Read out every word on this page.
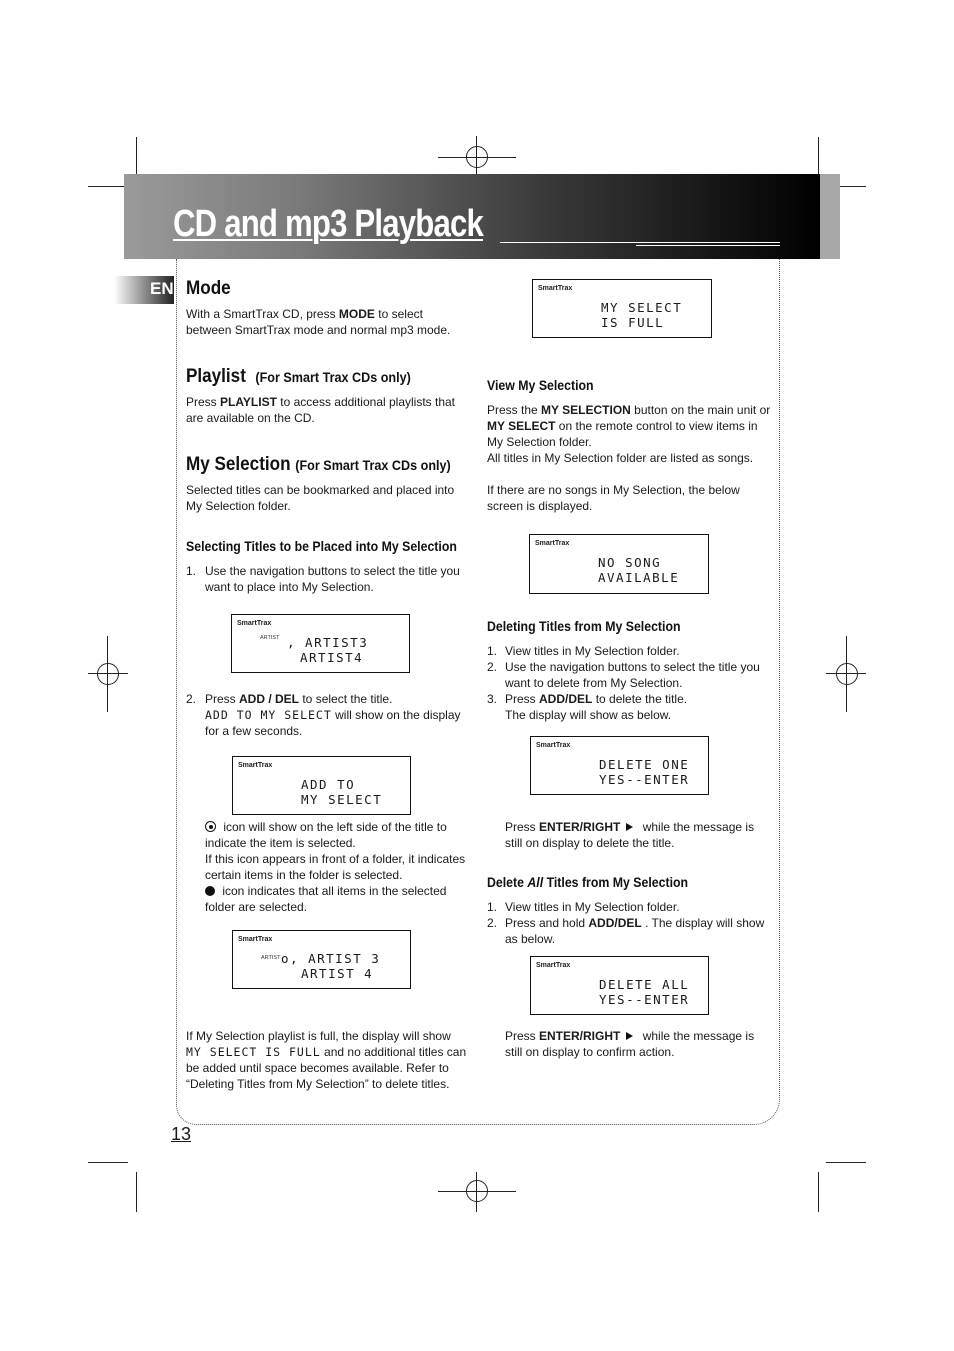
CD and mp3 Playback
EN Mode
With a SmartTrax CD, press MODE to select between SmartTrax mode and normal mp3 mode.
Playlist (For Smart Trax CDs only)
Press PLAYLIST to access additional playlists that are available on the CD.
My Selection (For Smart Trax CDs only)
Selected titles can be bookmarked and placed into My Selection folder.
Selecting Titles to be Placed into My Selection
1. Use the navigation buttons to select the title you want to place into My Selection.
SmartTrax
ARTIST , ARTIST3
ARTIST4
2. Press ADD / DEL to select the title.
ADD TO MY SELECT will show on the display for a few seconds.
SmartTrax
ADD TO
MY SELECT
icon will show on the left side of the title to indicate the item is selected.
If this icon appears in front of a folder, it indicates certain items in the folder is selected.
icon indicates that all items in the selected folder are selected.
SmartTrax
ARTIST o, ARTIST 3
ARTIST 4
If My Selection playlist is full, the display will show
MY SELECT IS FULL and no additional titles can be added until space becomes available. Refer to “Deleting Titles from My Selection” to delete titles.
13
SmartTrax
MY SELECT
IS FULL
View My Selection
Press the MY SELECTION button on the main unit or MY SELECT on the remote control to view items in My Selection folder.
All titles in My Selection folder are listed as songs.
If there are no songs in My Selection, the below screen is displayed.
SmartTrax
NO SONG
AVAILABLE
Deleting Titles from My Selection
1. View titles in My Selection folder.
2. Use the navigation buttons to select the title you want to delete from My Selection.
3. Press ADD/DEL to delete the title.
The display will show as below.
SmartTrax
DELETE ONE
YES--ENTER
Press ENTER/RIGHT while the message is still on display to delete the title.
Delete All Titles from My Selection
1. View titles in My Selection folder.
2. Press and hold ADD/DEL . The display will show as below.
SmartTrax
DELETE ALL
YES--ENTER
Press ENTER/RIGHT while the message is still on display to confirm action.
